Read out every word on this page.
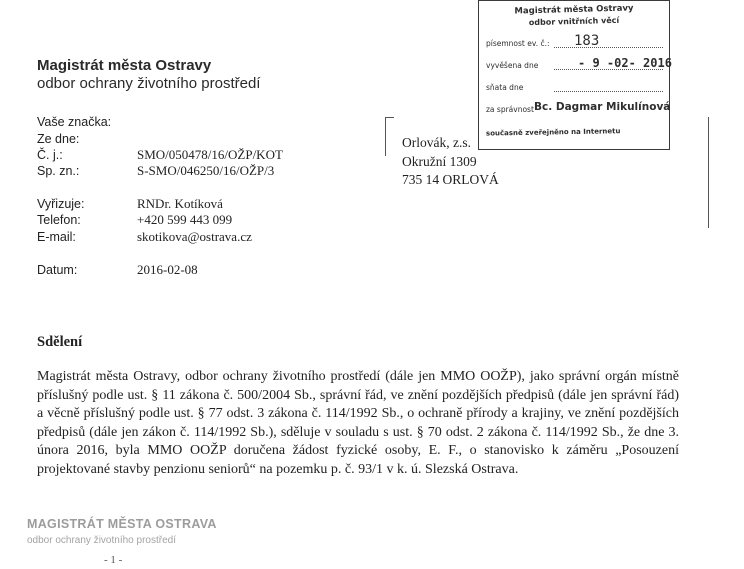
Magistrát města Ostravy
odbor ochrany životního prostředí
Vaše značka:
Ze dne:
Č. j.:	SMO/050478/16/OŽP/KOT
Sp. zn.:	S-SMO/046250/16/OŽP/3
Vyřizuje:	RNDr. Kotíková
Telefon:	+420 599 443 099
E-mail:	skotikova@ostrava.cz
Datum:	2016-02-08
Orlovák, z.s.
Okružní 1309
735 14 ORLOVÁ
Magistrát města Ostravy
odbor vnitřních věcí
písemnost ev. č.: 183
vyvěšena dne	- 9 -02- 2016
sňata dne
za správnost Bc. Dagmar Mikulínová
současně zveřejněno na Internetu
Sdělení
Magistrát města Ostravy, odbor ochrany životního prostředí (dále jen MMO OOŽP), jako správní orgán místně příslušný podle ust. § 11 zákona č. 500/2004 Sb., správní řád, ve znění pozdějších předpisů (dále jen správní řád) a věcně příslušný podle ust. § 77 odst. 3 zákona č. 114/1992 Sb., o ochraně přírody a krajiny, ve znění pozdějších předpisů (dále jen zákon č. 114/1992 Sb.), sděluje v souladu s ust. § 70 odst. 2 zákona č. 114/1992 Sb., že dne 3. února 2016, byla MMO OOŽP doručena žádost fyzické osoby, E. F., o stanovisko k záměru „Posouzení projektované stavby penzionu seniorů“ na pozemku p. č. 93/1 v k. ú. Slezská Ostrava.
MAGISTRÁT MĚSTA OSTRAVA
odbor ochrany životního prostředí
- 1 -
